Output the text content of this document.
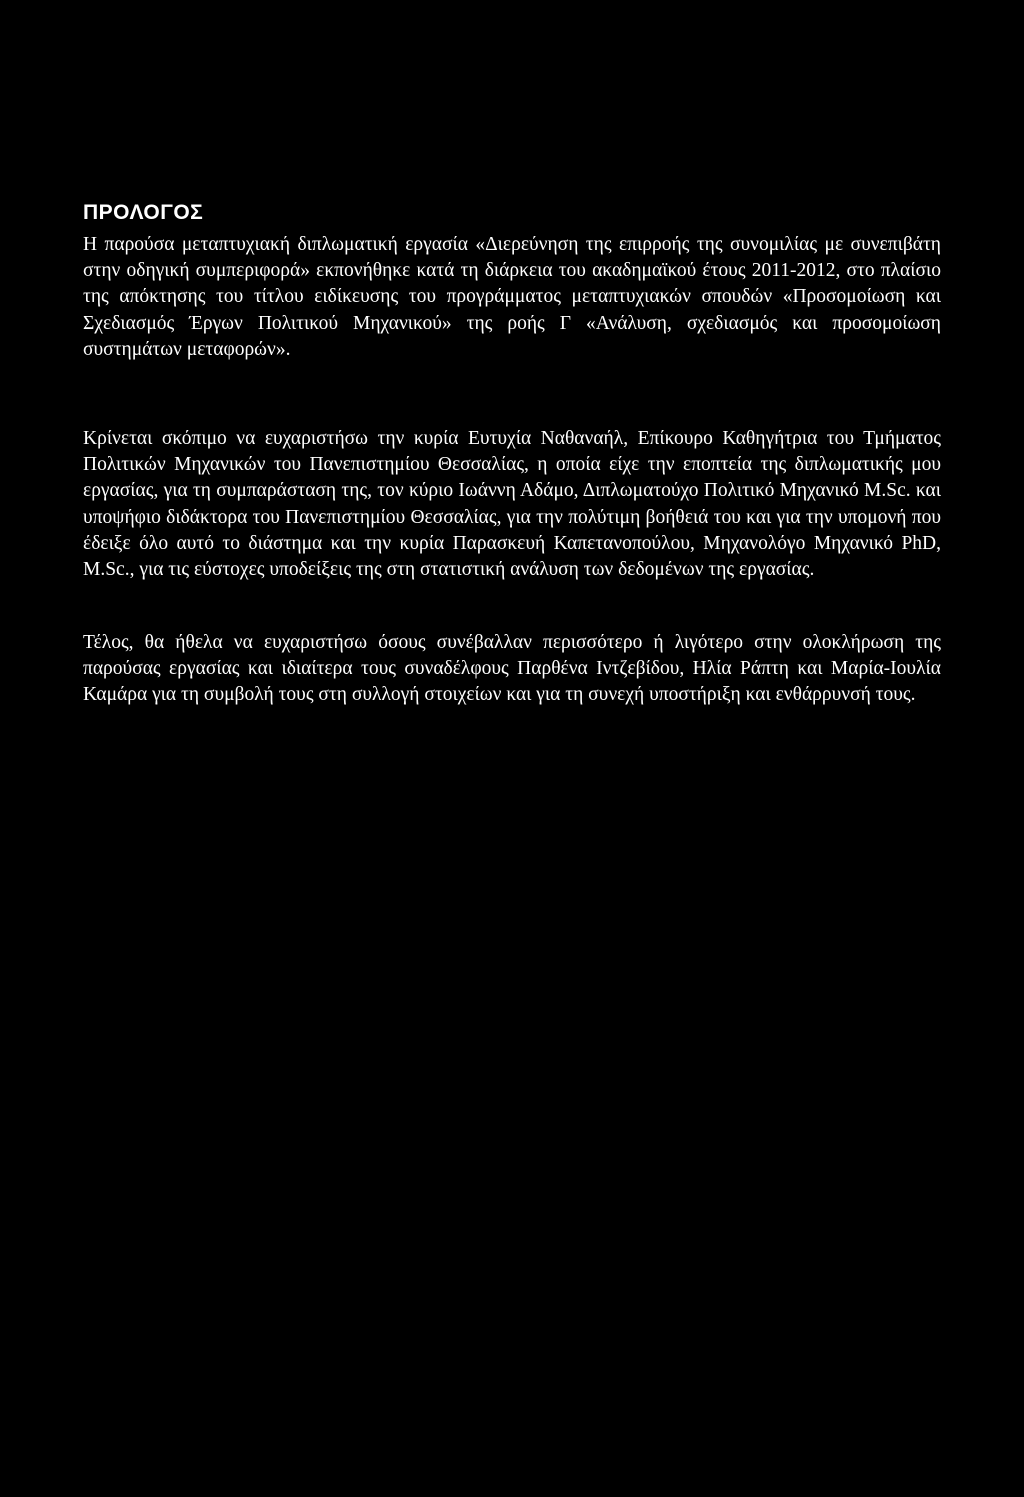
ΠΡΟΛΟΓΟΣ

Η παρούσα μεταπτυχιακή διπλωματική εργασία «Διερεύνηση της επιρροής της συνομιλίας με συνεπιβάτη στην οδηγική συμπεριφορά» εκπονήθηκε κατά τη διάρκεια του ακαδημαϊκού έτους 2011-2012, στο πλαίσιο της απόκτησης του τίτλου ειδίκευσης του προγράμματος μεταπτυχιακών σπουδών «Προσομοίωση και Σχεδιασμός Έργων Πολιτικού Μηχανικού» της ροής Γ «Ανάλυση, σχεδιασμός και προσομοίωση συστημάτων μεταφορών».

Κρίνεται σκόπιμο να ευχαριστήσω την κυρία Ευτυχία Ναθαναήλ, Επίκουρο Καθηγήτρια του Τμήματος Πολιτικών Μηχανικών του Πανεπιστημίου Θεσσαλίας, η οποία είχε την εποπτεία της διπλωματικής μου εργασίας, για τη συμπαράσταση της, τον κύριο Ιωάννη Αδάμο, Διπλωματούχο Πολιτικό Μηχανικό M.Sc. και υποψήφιο διδάκτορα του Πανεπιστημίου Θεσσαλίας, για την πολύτιμη βοήθειά του και για την υπομονή που έδειξε όλο αυτό το διάστημα και την κυρία Παρασκευή Καπετανοπούλου, Μηχανολόγο Μηχανικό PhD, M.Sc., για τις εύστοχες υποδείξεις της στη στατιστική ανάλυση των δεδομένων της εργασίας.

Τέλος, θα ήθελα να ευχαριστήσω όσους συνέβαλλαν περισσότερο ή λιγότερο στην ολοκλήρωση της παρούσας εργασίας και ιδιαίτερα τους συναδέλφους Παρθένα Ιντζεβίδου, Ηλία Ράπτη και Μαρία-Ιουλία Καμάρα για τη συμβολή τους στη συλλογή στοιχείων και για τη συνεχή υποστήριξη και ενθάρρυνσή τους.
